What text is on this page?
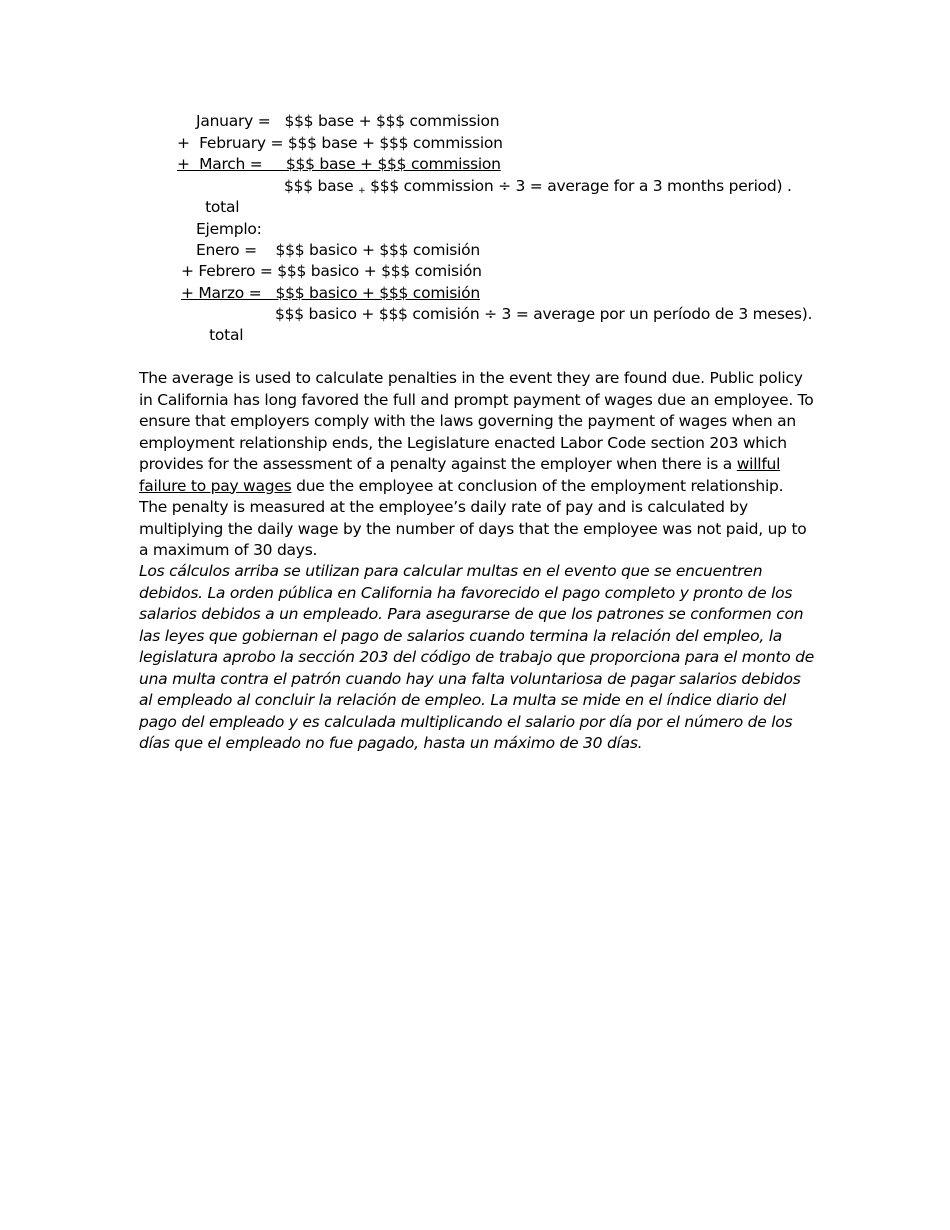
January =   $$$ base + $$$ commission
+  February = $$$ base + $$$ commission
+  March =     $$$ base + $$$ commission

total

$$$ base $_+$ $$$ commission ÷ 3 = average for a 3 months period) .

Ejemplo:
Enero =    $$$ basico + $$$ comisión
+ Febrero = $$$ basico + $$$ comisión
+ Marzo =   $$$ basico + $$$ comisión

total

$$$ basico + $$$ comisión ÷ 3 = average por un período de 3 meses).

The average is used to calculate penalties in the event they are found due. Public policy in California has long favored the full and prompt payment of wages due an employee. To ensure that employers comply with the laws governing the payment of wages when an employment relationship ends, the Legislature enacted Labor Code section 203 which provides for the assessment of a penalty against the employer when there is a willful failure to pay wages due the employee at conclusion of the employment relationship. The penalty is measured at the employee’s daily rate of pay and is calculated by multiplying the daily wage by the number of days that the employee was not paid, up to a maximum of 30 days.

Los cálculos arriba se utilizan para calcular multas en el evento que se encuentren debidos. La orden pública en California ha favorecido el pago completo y pronto de los salarios debidos a un empleado. Para asegurarse de que los patrones se conformen con las leyes que gobiernan el pago de salarios cuando termina la relación del empleo, la legislatura aprobo la sección 203 del código de trabajo que proporciona para el monto de una multa contra el patrón cuando hay una falta voluntariosa de pagar salarios debidos al empleado al concluir la relación de empleo. La multa se mide en el índice diario del pago del empleado y es calculada multiplicando el salario por día por el número de los días que el empleado no fue pagado, hasta un máximo de 30 días.
